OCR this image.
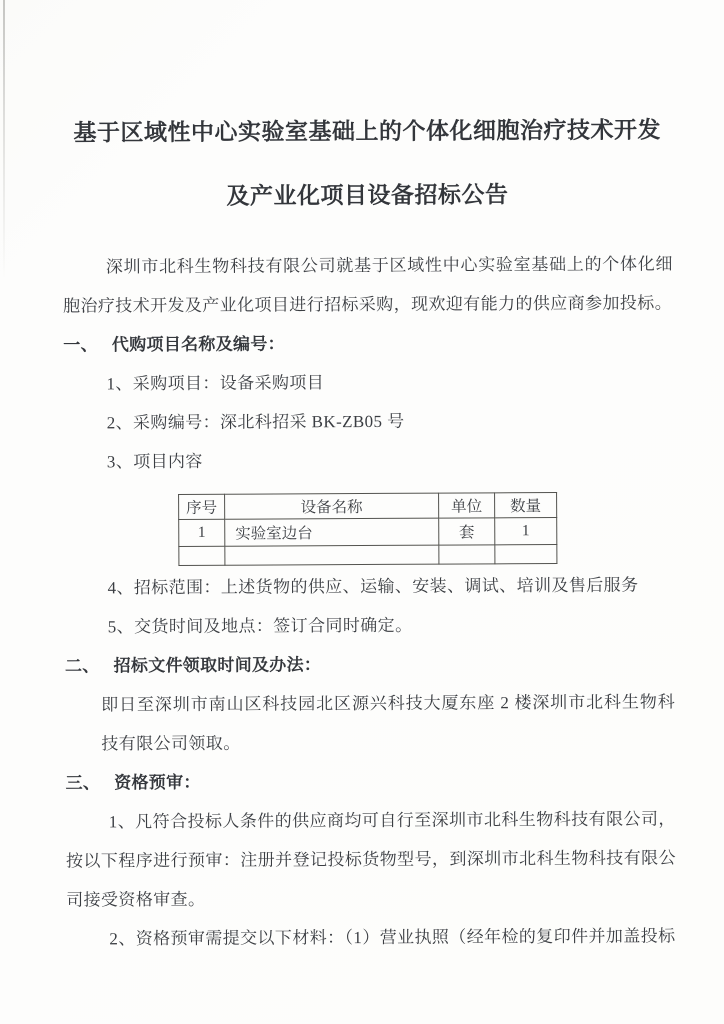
基于区域性中心实验室基础上的个体化细胞治疗技术开发
及产业化项目设备招标公告
深圳市北科生物科技有限公司就基于区域性中心实验室基础上的个体化细
胞治疗技术开发及产业化项目进行招标采购，现欢迎有能力的供应商参加投标。
一、 代购项目名称及编号：
1、采购项目：设备采购项目
2、采购编号：深北科招采 BK-ZB05 号
3、项目内容
序号	设备名称	单位	数量
1	实验室边台	套	1

4、招标范围：上述货物的供应、运输、安装、调试、培训及售后服务
5、交货时间及地点：签订合同时确定。
二、 招标文件领取时间及办法：
即日至深圳市南山区科技园北区源兴科技大厦东座 2 楼深圳市北科生物科
技有限公司领取。
三、 资格预审：
1、凡符合投标人条件的供应商均可自行至深圳市北科生物科技有限公司，
按以下程序进行预审：注册并登记投标货物型号，到深圳市北科生物科技有限公
司接受资格审查。
2、资格预审需提交以下材料：（1）营业执照（经年检的复印件并加盖投标
